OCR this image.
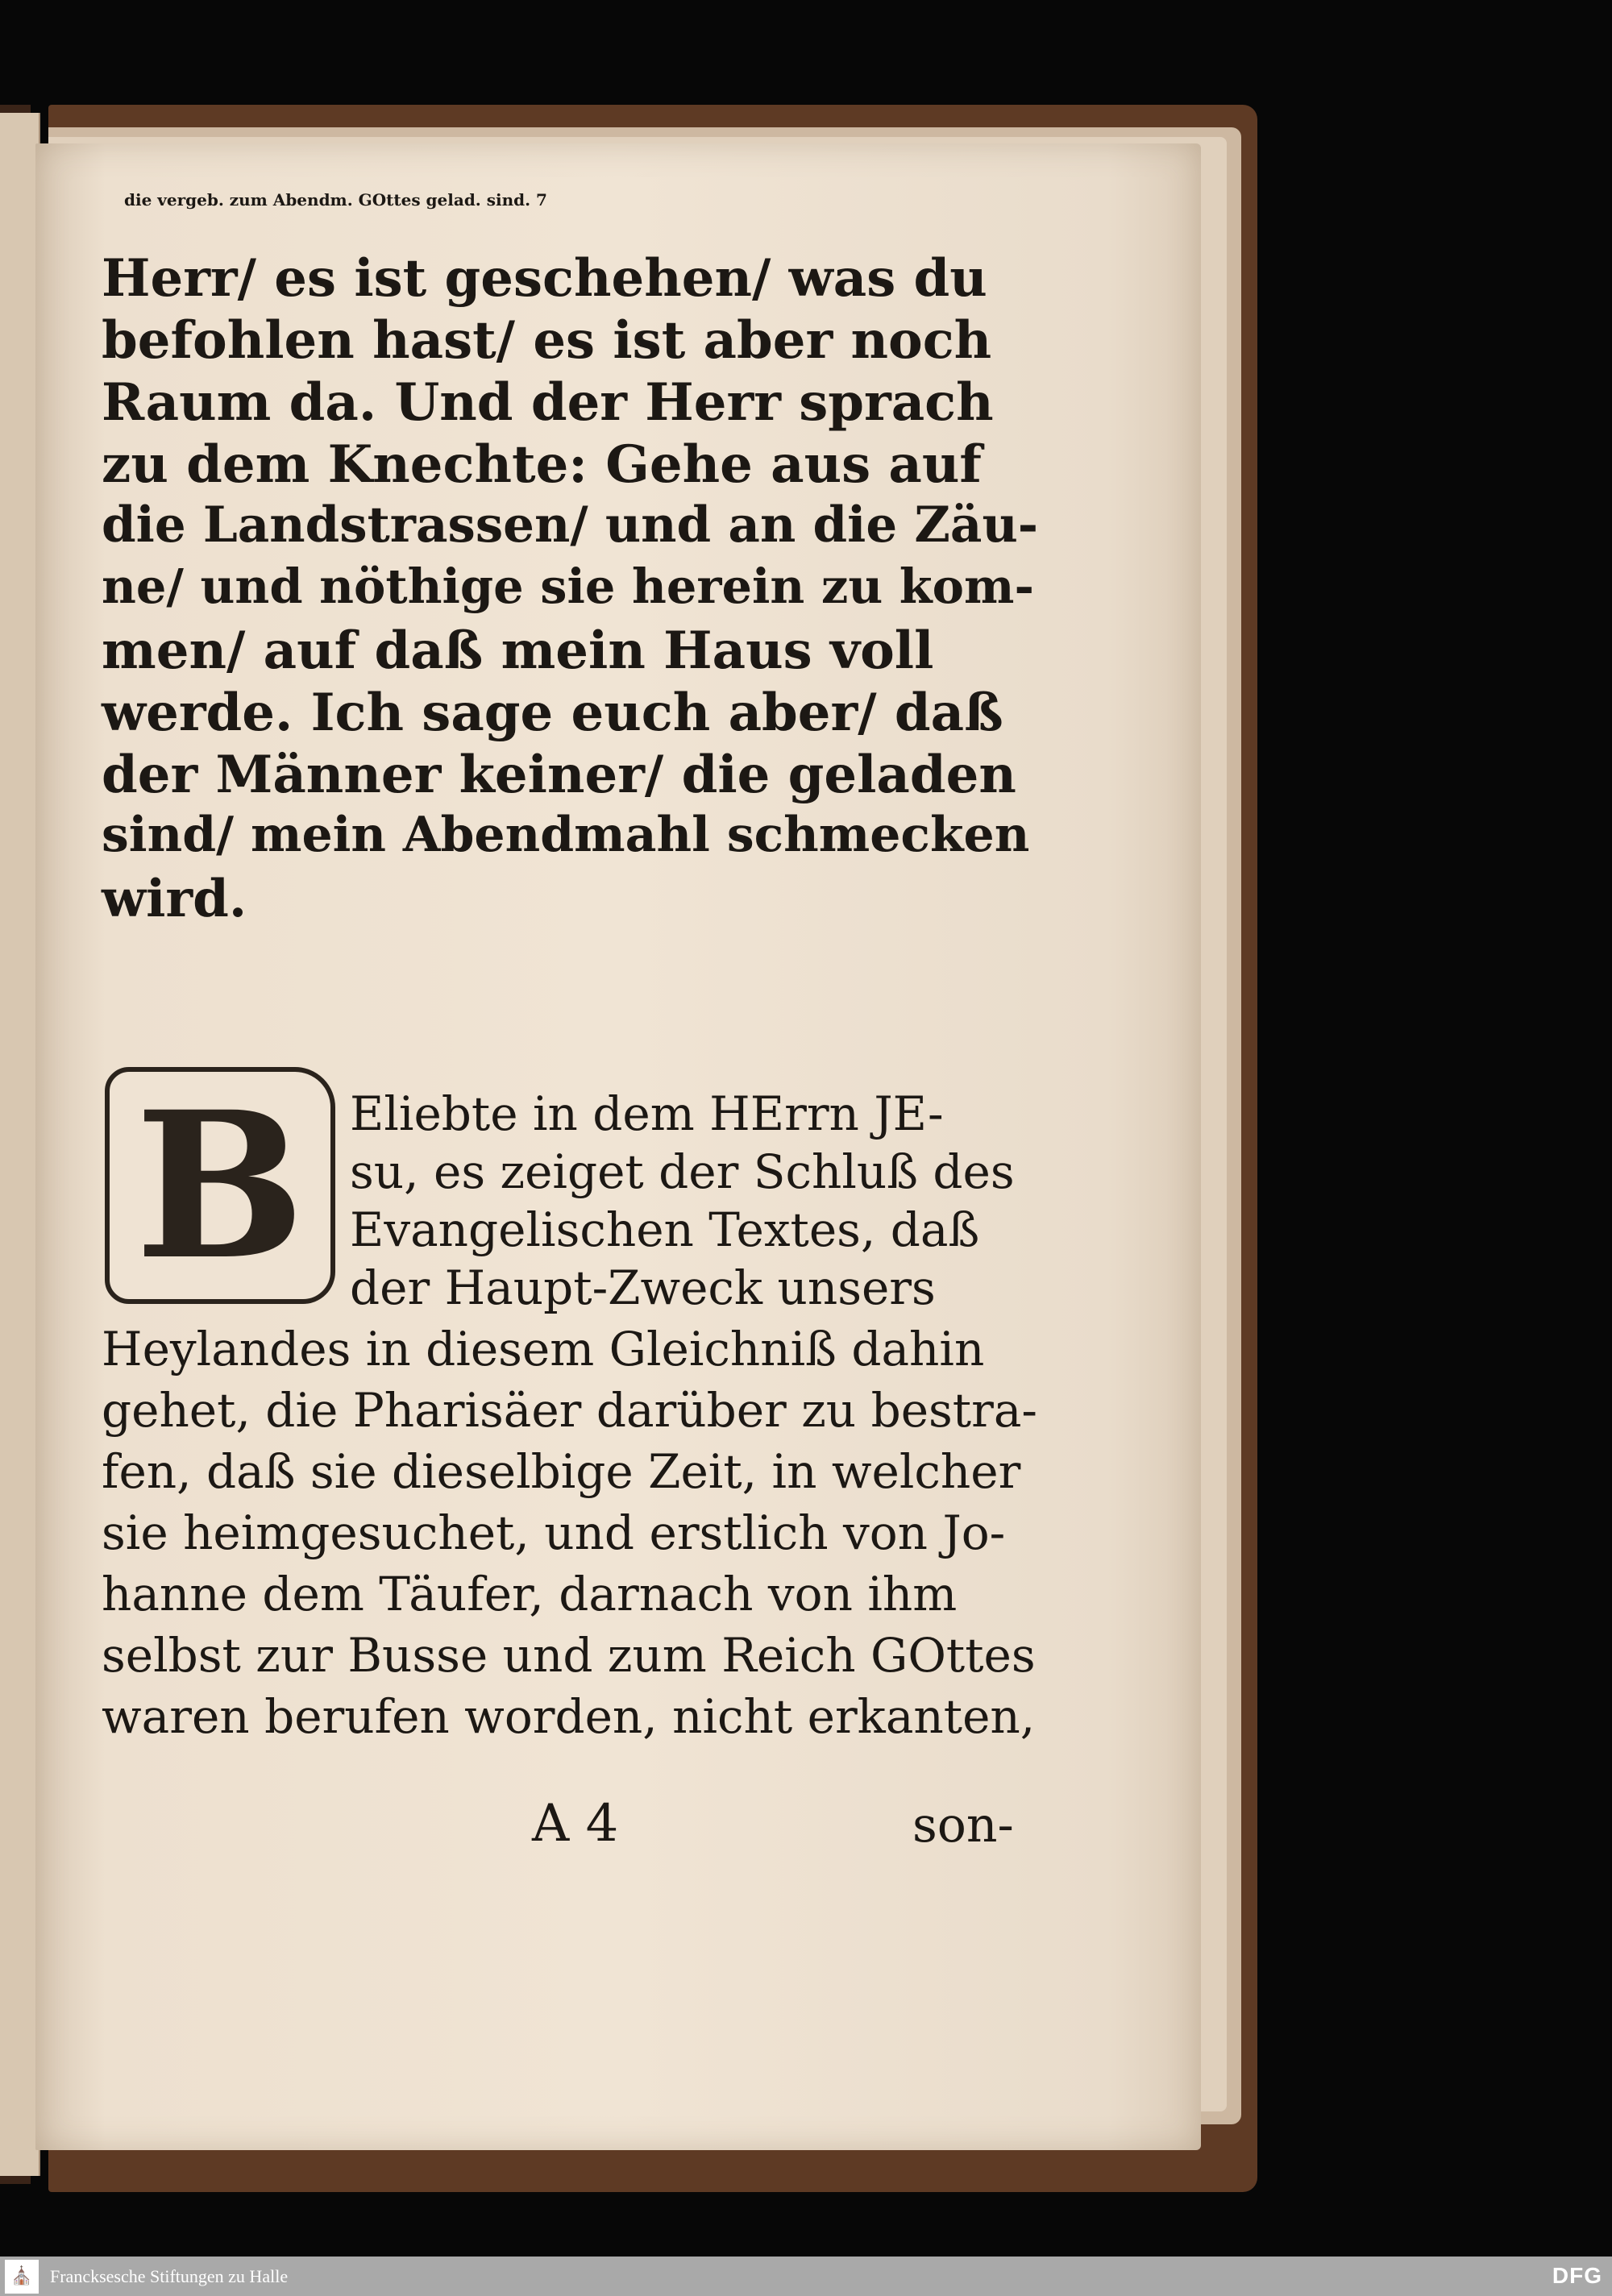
die vergeb. zum Abendm. GOttes gelad. sind. 7
Herr/ es ist geschehen/ was du
befohlen hast/ es ist aber noch
Raum da. Und der Herr sprach
zu dem Knechte: Gehe aus auf
die Landstrassen/ und an die Zäu-
ne/ und nöthige sie herein zu kom-
men/ auf daß mein Haus voll
werde. Ich sage euch aber/ daß
der Männer keiner/ die geladen
sind/ mein Abendmahl schmecken
wird.
B Eliebte in dem HErrn JE-
su, es zeiget der Schluß des
Evangelischen Textes, daß
der Haupt-Zweck unsers
Heylandes in diesem Gleichniß dahin
gehet, die Pharisäer darüber zu bestra-
fen, daß sie dieselbige Zeit, in welcher
sie heimgesuchet, und erstlich von Jo-
hanne dem Täufer, darnach von ihm
selbst zur Busse und zum Reich GOttes
waren berufen worden, nicht erkanten,
A 4	son-
⛪ Francksesche Stiftungen zu Halle	DFG
